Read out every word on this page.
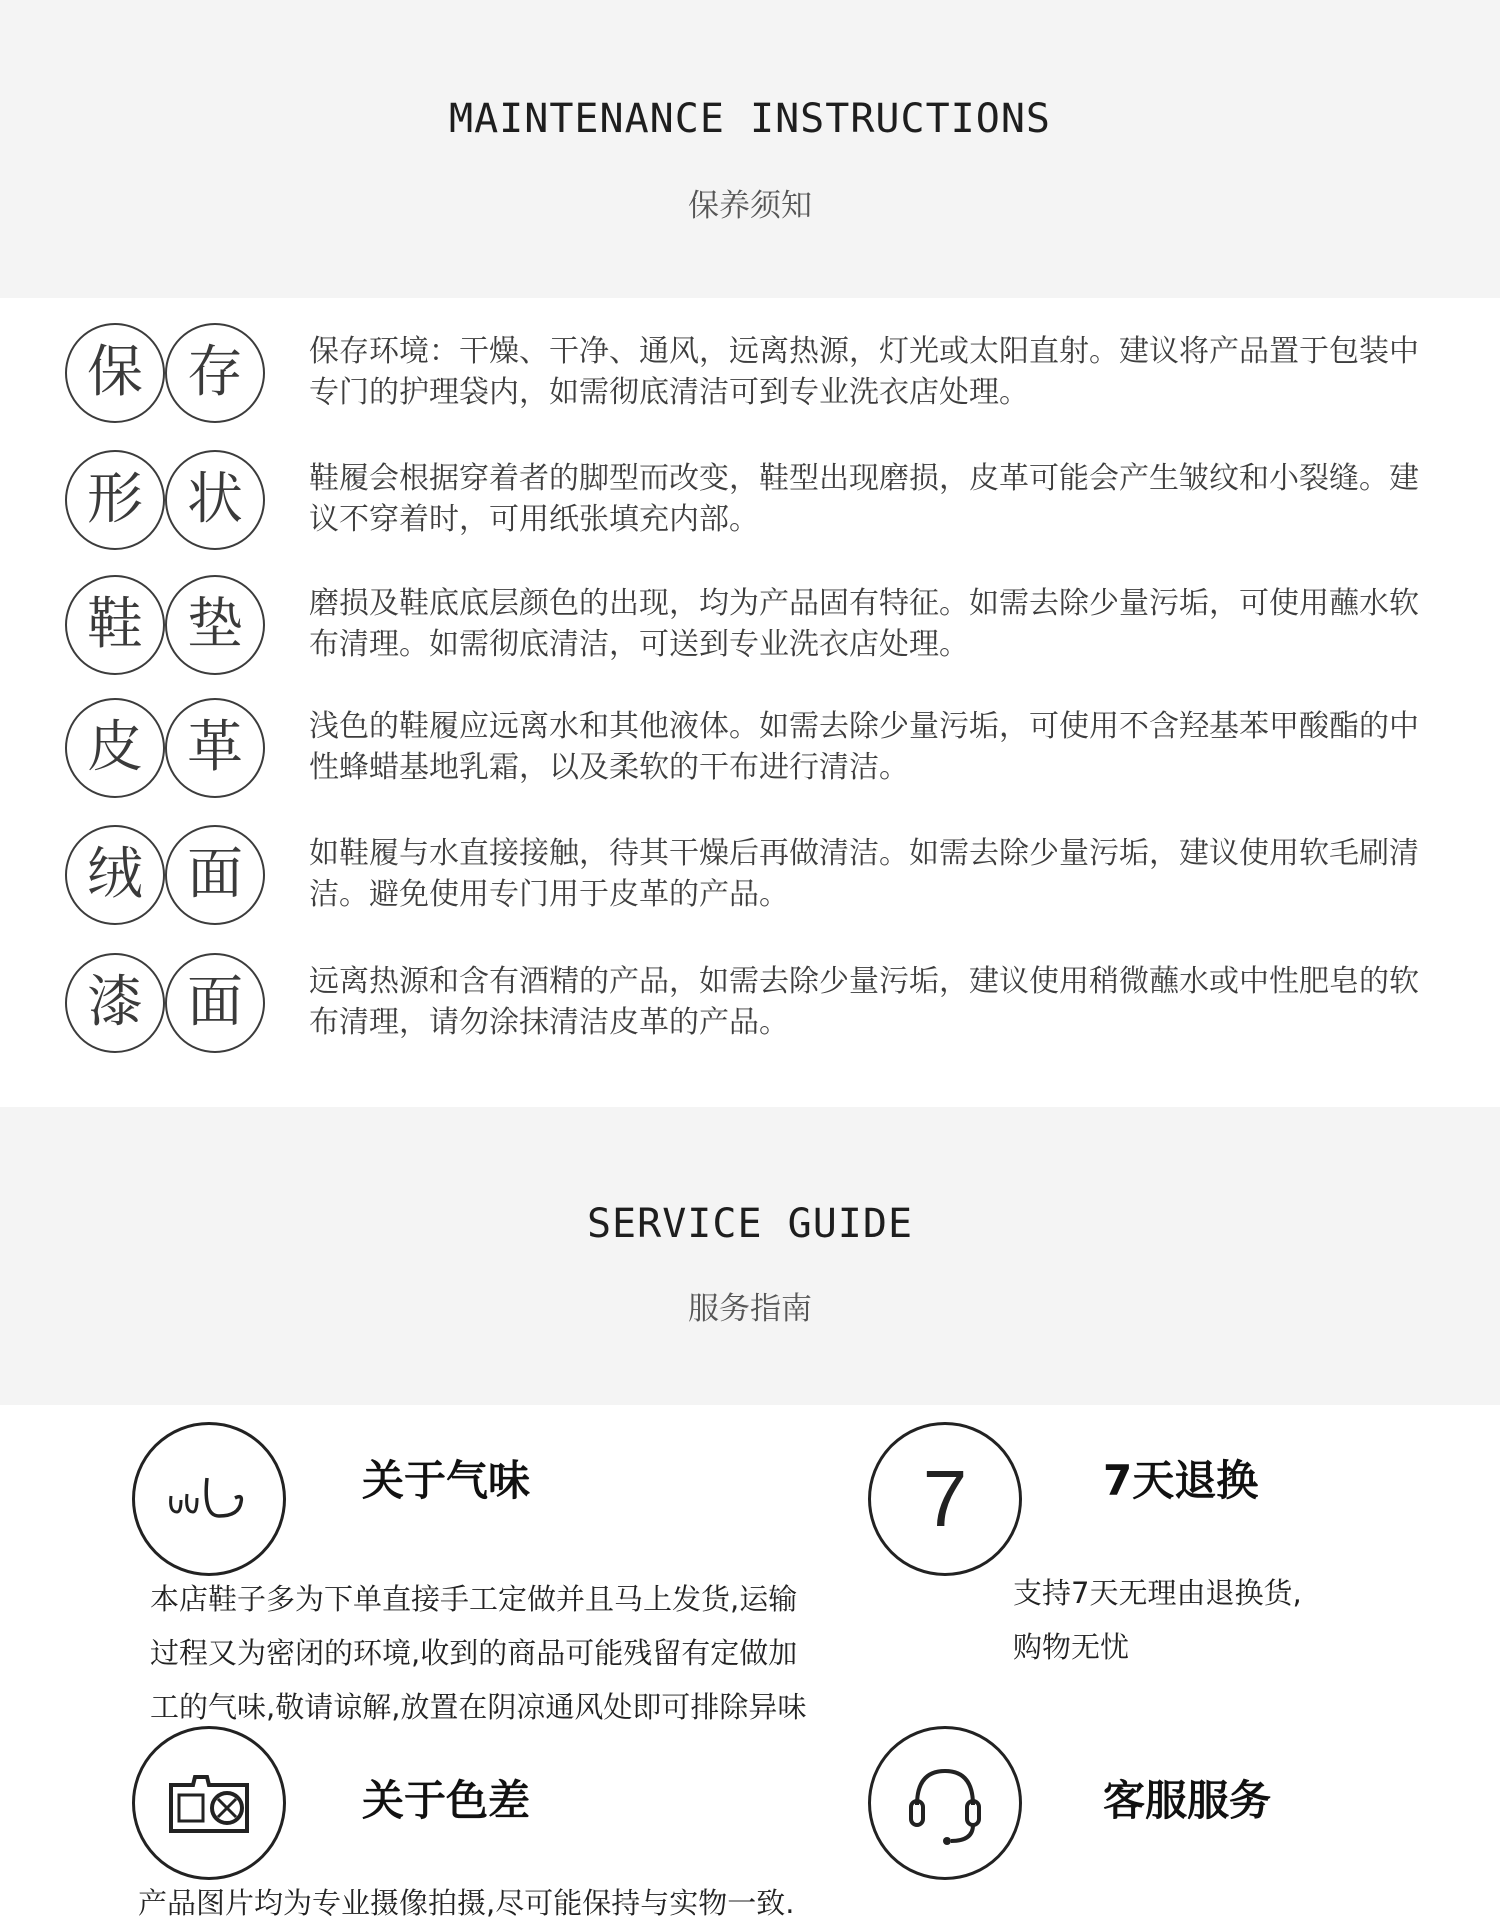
MAINTENANCE INSTRUCTIONS
保养须知
保 存	保存环境：干燥、干净、通风，远离热源，灯光或太阳直射。建议将产品置于包装中专门的护理袋内，如需彻底清洁可到专业洗衣店处理。
形 状	鞋履会根据穿着者的脚型而改变，鞋型出现磨损，皮革可能会产生皱纹和小裂缝。建议不穿着时，可用纸张填充内部。
鞋 垫	磨损及鞋底底层颜色的出现，均为产品固有特征。如需去除少量污垢，可使用蘸水软布清理。如需彻底清洁，可送到专业洗衣店处理。
皮 革	浅色的鞋履应远离水和其他液体。如需去除少量污垢，可使用不含羟基苯甲酸酯的中性蜂蜡基地乳霜，以及柔软的干布进行清洁。
绒 面	如鞋履与水直接接触，待其干燥后再做清洁。如需去除少量污垢，建议使用软毛刷清洁。避免使用专门用于皮革的产品。
漆 面	远离热源和含有酒精的产品，如需去除少量污垢，建议使用稍微蘸水或中性肥皂的软布清理，请勿涂抹清洁皮革的产品。
SERVICE GUIDE
服务指南
关于气味
本店鞋子多为下单直接手工定做并且马上发货,运输
过程又为密闭的环境,收到的商品可能残留有定做加
工的气味,敬请谅解,放置在阴凉通风处即可排除异味
7	7天退换
支持7天无理由退换货,
购物无忧
关于色差
产品图片均为专业摄像拍摄,尽可能保持与实物一致.
客服服务
